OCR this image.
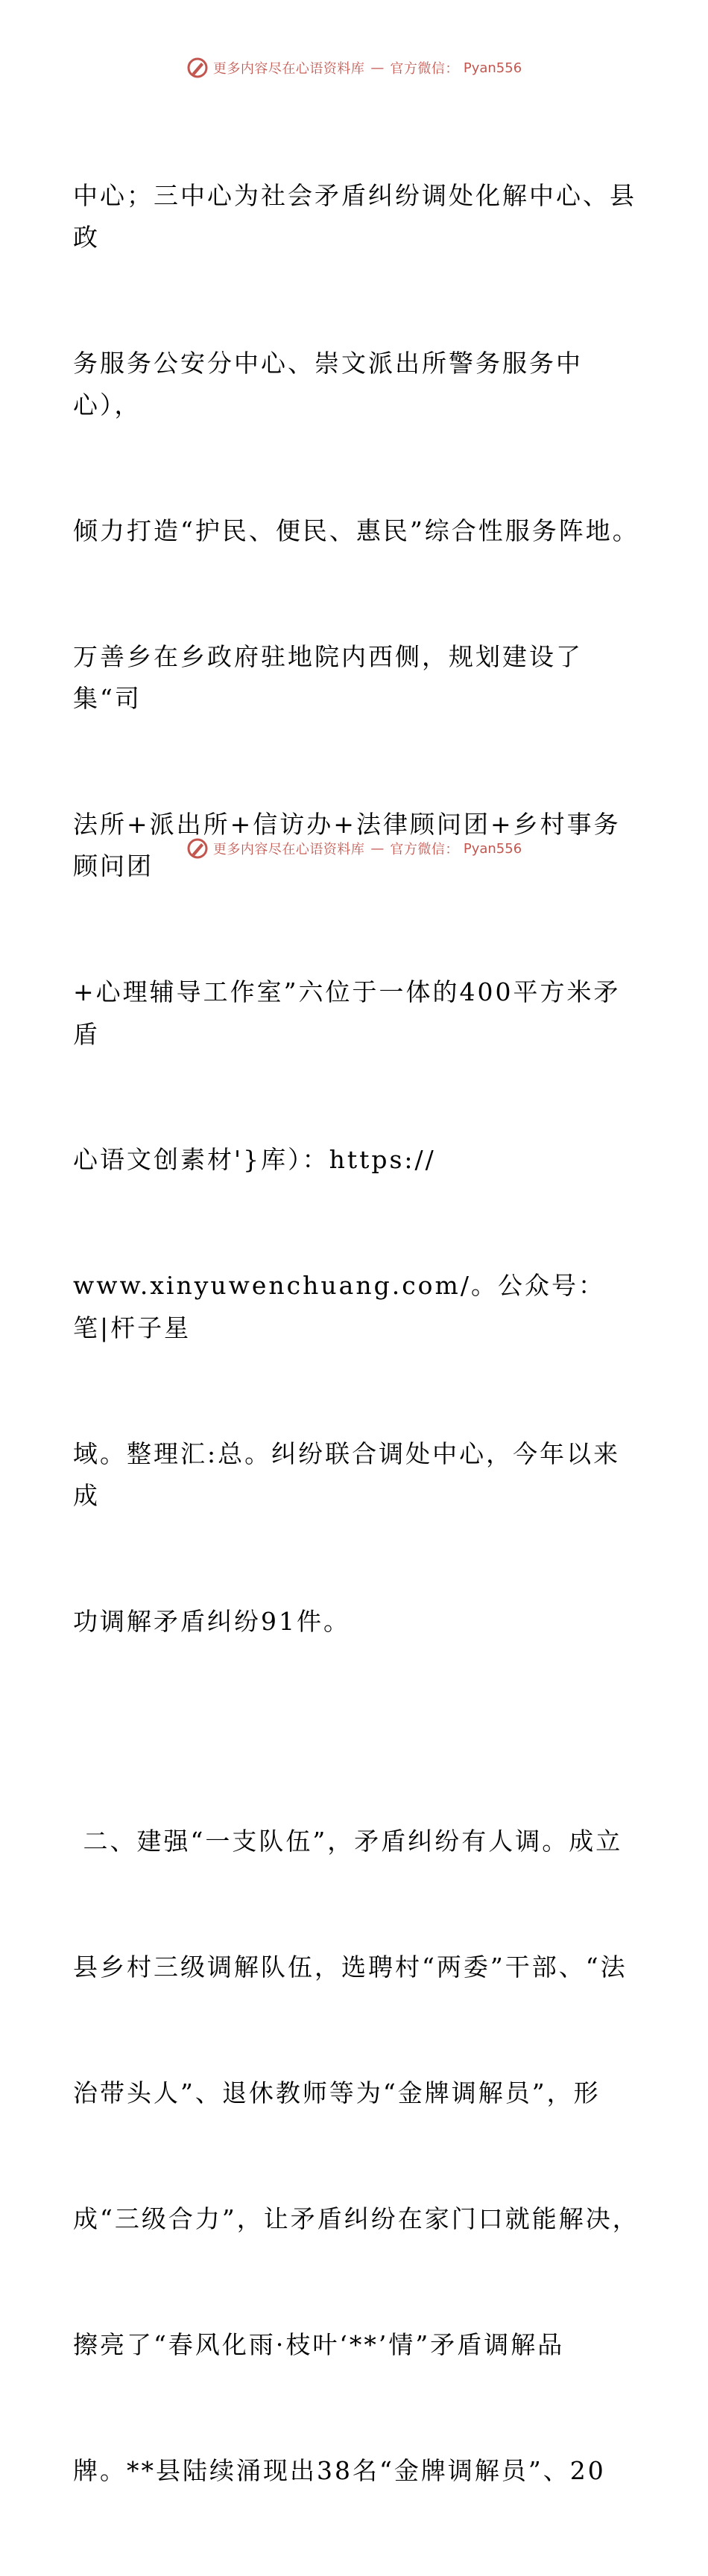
更多内容尽在心语资料库 — 官方微信： Pyan556

中心；三中心为社会矛盾纠纷调处化解中心、县政

务服务公安分中心、崇文派出所警务服务中心），

倾力打造“护民、便民、惠民”综合性服务阵地。

万善乡在乡政府驻地院内西侧，规划建设了集“司

法所+派出所+信访办+法律顾问团+乡村事务顾问团

+心理辅导工作室”六位于一体的400平方米矛盾

心语文创素材'}库）：https://

www.xinyuwenchuang.com/。公众号：笔|杆子星

域。整理汇:总。纠纷联合调处中心，今年以来成

功调解矛盾纠纷91件。

二、建强“一支队伍”，矛盾纠纷有人调。成立

县乡村三级调解队伍，选聘村“两委”干部、“法

治带头人”、退休教师等为“金牌调解员”，形

成“三级合力”，让矛盾纠纷在家门口就能解决，

擦亮了“春风化雨·枝叶‘**’情”矛盾调解品

牌。**县陆续涌现出38名“金牌调解员”、20

更多内容尽在心语资料库 — 官方微信： Pyan556
